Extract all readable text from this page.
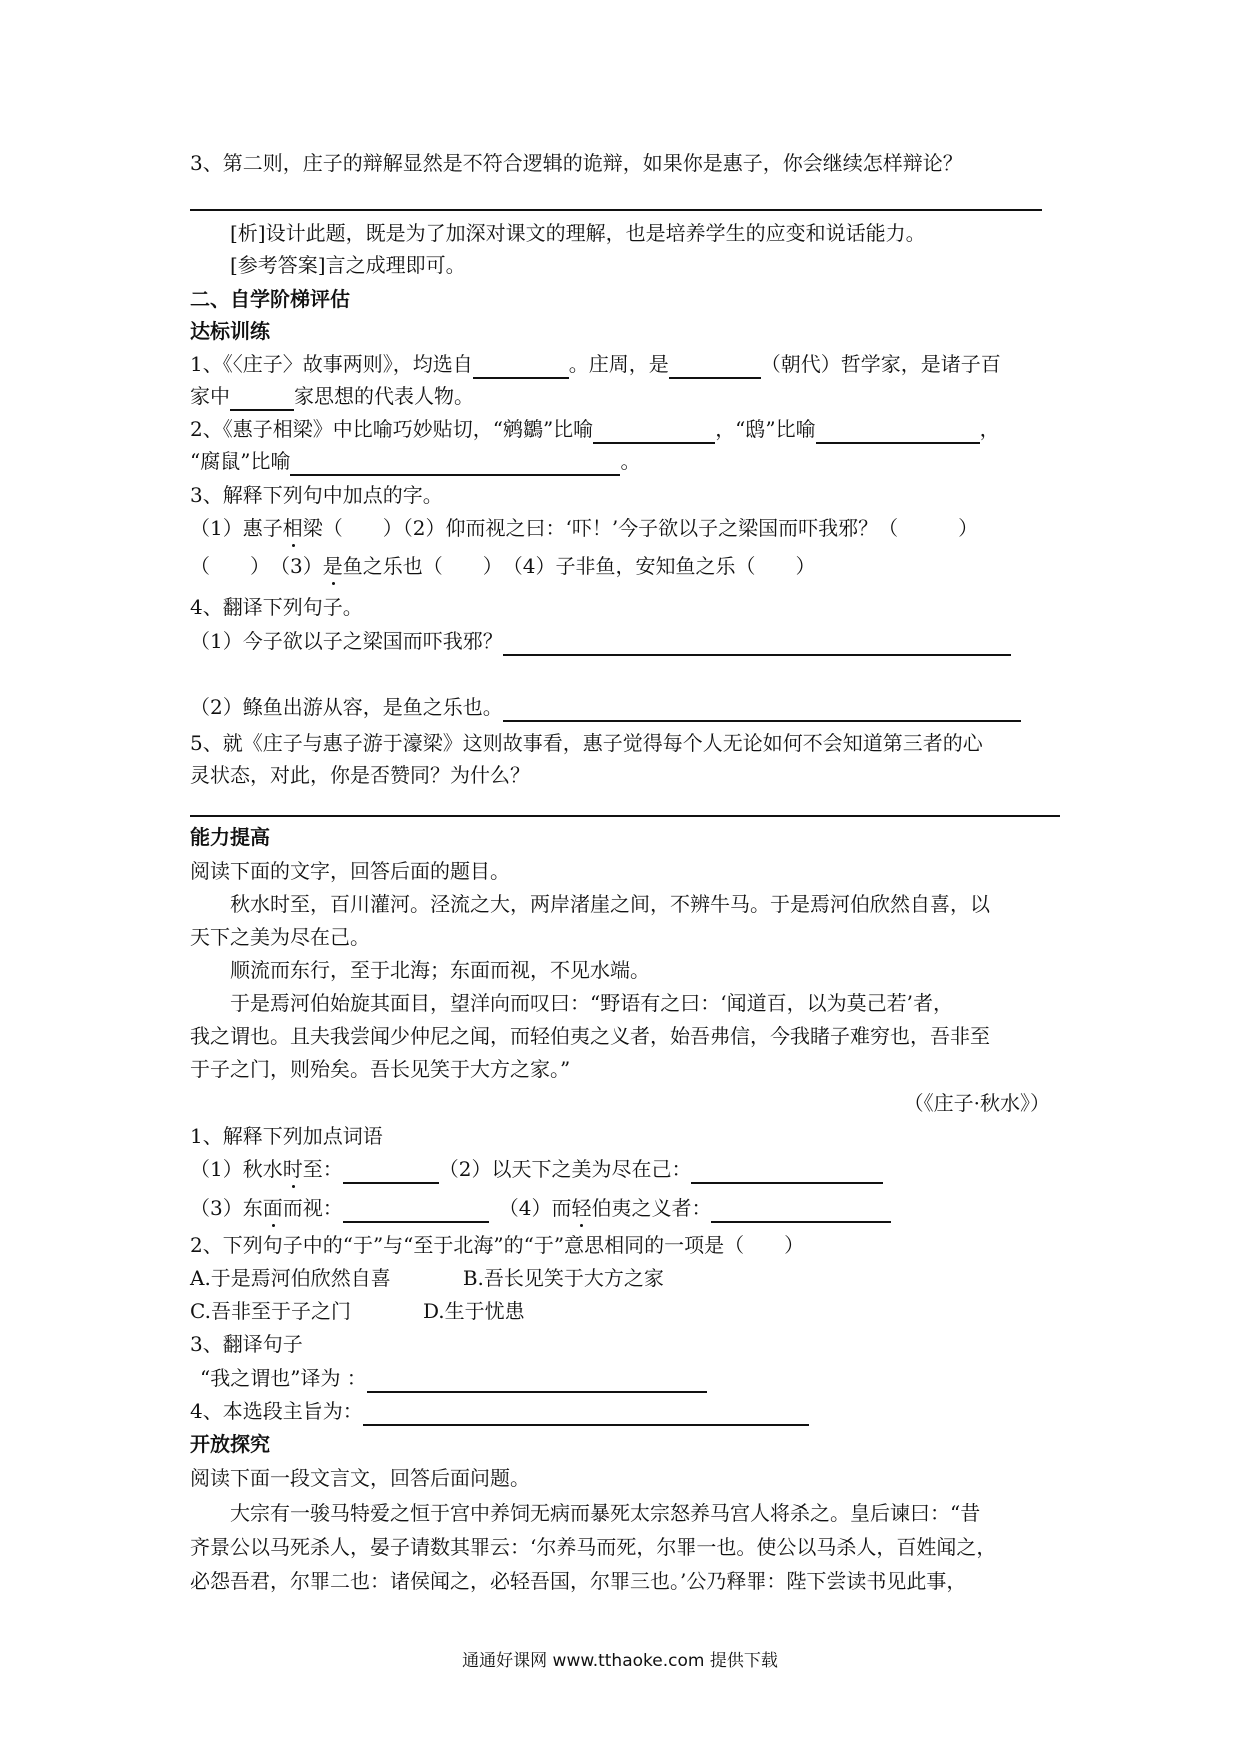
3、第二则，庄子的辩解显然是不符合逻辑的诡辩，如果你是惠子，你会继续怎样辩论？
[析]设计此题，既是为了加深对课文的理解，也是培养学生的应变和说话能力。
[参考答案]言之成理即可。
二、自学阶梯评估
达标训练
1、《〈庄子〉故事两则》，均选自	。庄周，是	（朝代）哲学家，是诸子百
家中	家思想的代表人物。
2、《惠子相梁》中比喻巧妙贴切，“鹓鶵”比喻	，“鸱”比喻	，
“腐鼠”比喻	。
3、解释下列句中加点的字。
（1）惠子相梁（　　）（2）仰而视之曰：‘吓！’今子欲以子之梁国而吓我邪？（　　　）
（　　）　（3）是鱼之乐也（　　）　（4）子非鱼，安知鱼之乐（　　）
4、翻译下列句子。
（1）今子欲以子之梁国而吓我邪？
（2）鲦鱼出游从容，是鱼之乐也。
5、就《庄子与惠子游于濠梁》这则故事看，惠子觉得每个人无论如何不会知道第三者的心
灵状态，对此，你是否赞同？为什么？
能力提高
阅读下面的文字，回答后面的题目。
秋水时至，百川灌河。泾流之大，两岸渚崖之间，不辨牛马。于是焉河伯欣然自喜，以
天下之美为尽在己。
顺流而东行，至于北海；东面而视，不见水端。
于是焉河伯始旋其面目，望洋向而叹曰：“野语有之曰：‘闻道百，以为莫己若’者，
我之谓也。且夫我尝闻少仲尼之闻，而轻伯夷之义者，始吾弗信，今我睹子难穷也，吾非至
于子之门，则殆矣。吾长见笑于大方之家。”
（《庄子·秋水》）
1、解释下列加点词语
（1）秋水时至：	（2）以天下之美为尽在己：
（3）东面而视：	（4）而轻伯夷之义者：
2、下列句子中的“于”与“至于北海”的“于”意思相同的一项是（　　）
A.于是焉河伯欣然自喜	B.吾长见笑于大方之家
C.吾非至于子之门	D.生于忧患
3、翻译句子
“我之谓也”译为 ：
4、本选段主旨为：
开放探究
阅读下面一段文言文，回答后面问题。
大宗有一骏马特爱之恒于宫中养饲无病而暴死太宗怒养马宫人将杀之。皇后谏曰：“昔
齐景公以马死杀人，晏子请数其罪云：‘尔养马而死，尔罪一也。使公以马杀人，百姓闻之，
必怨吾君，尔罪二也：诸侯闻之，必轻吾国，尔罪三也。’公乃释罪：陛下尝读书见此事，
通通好课网 www.tthaoke.com 提供下载
